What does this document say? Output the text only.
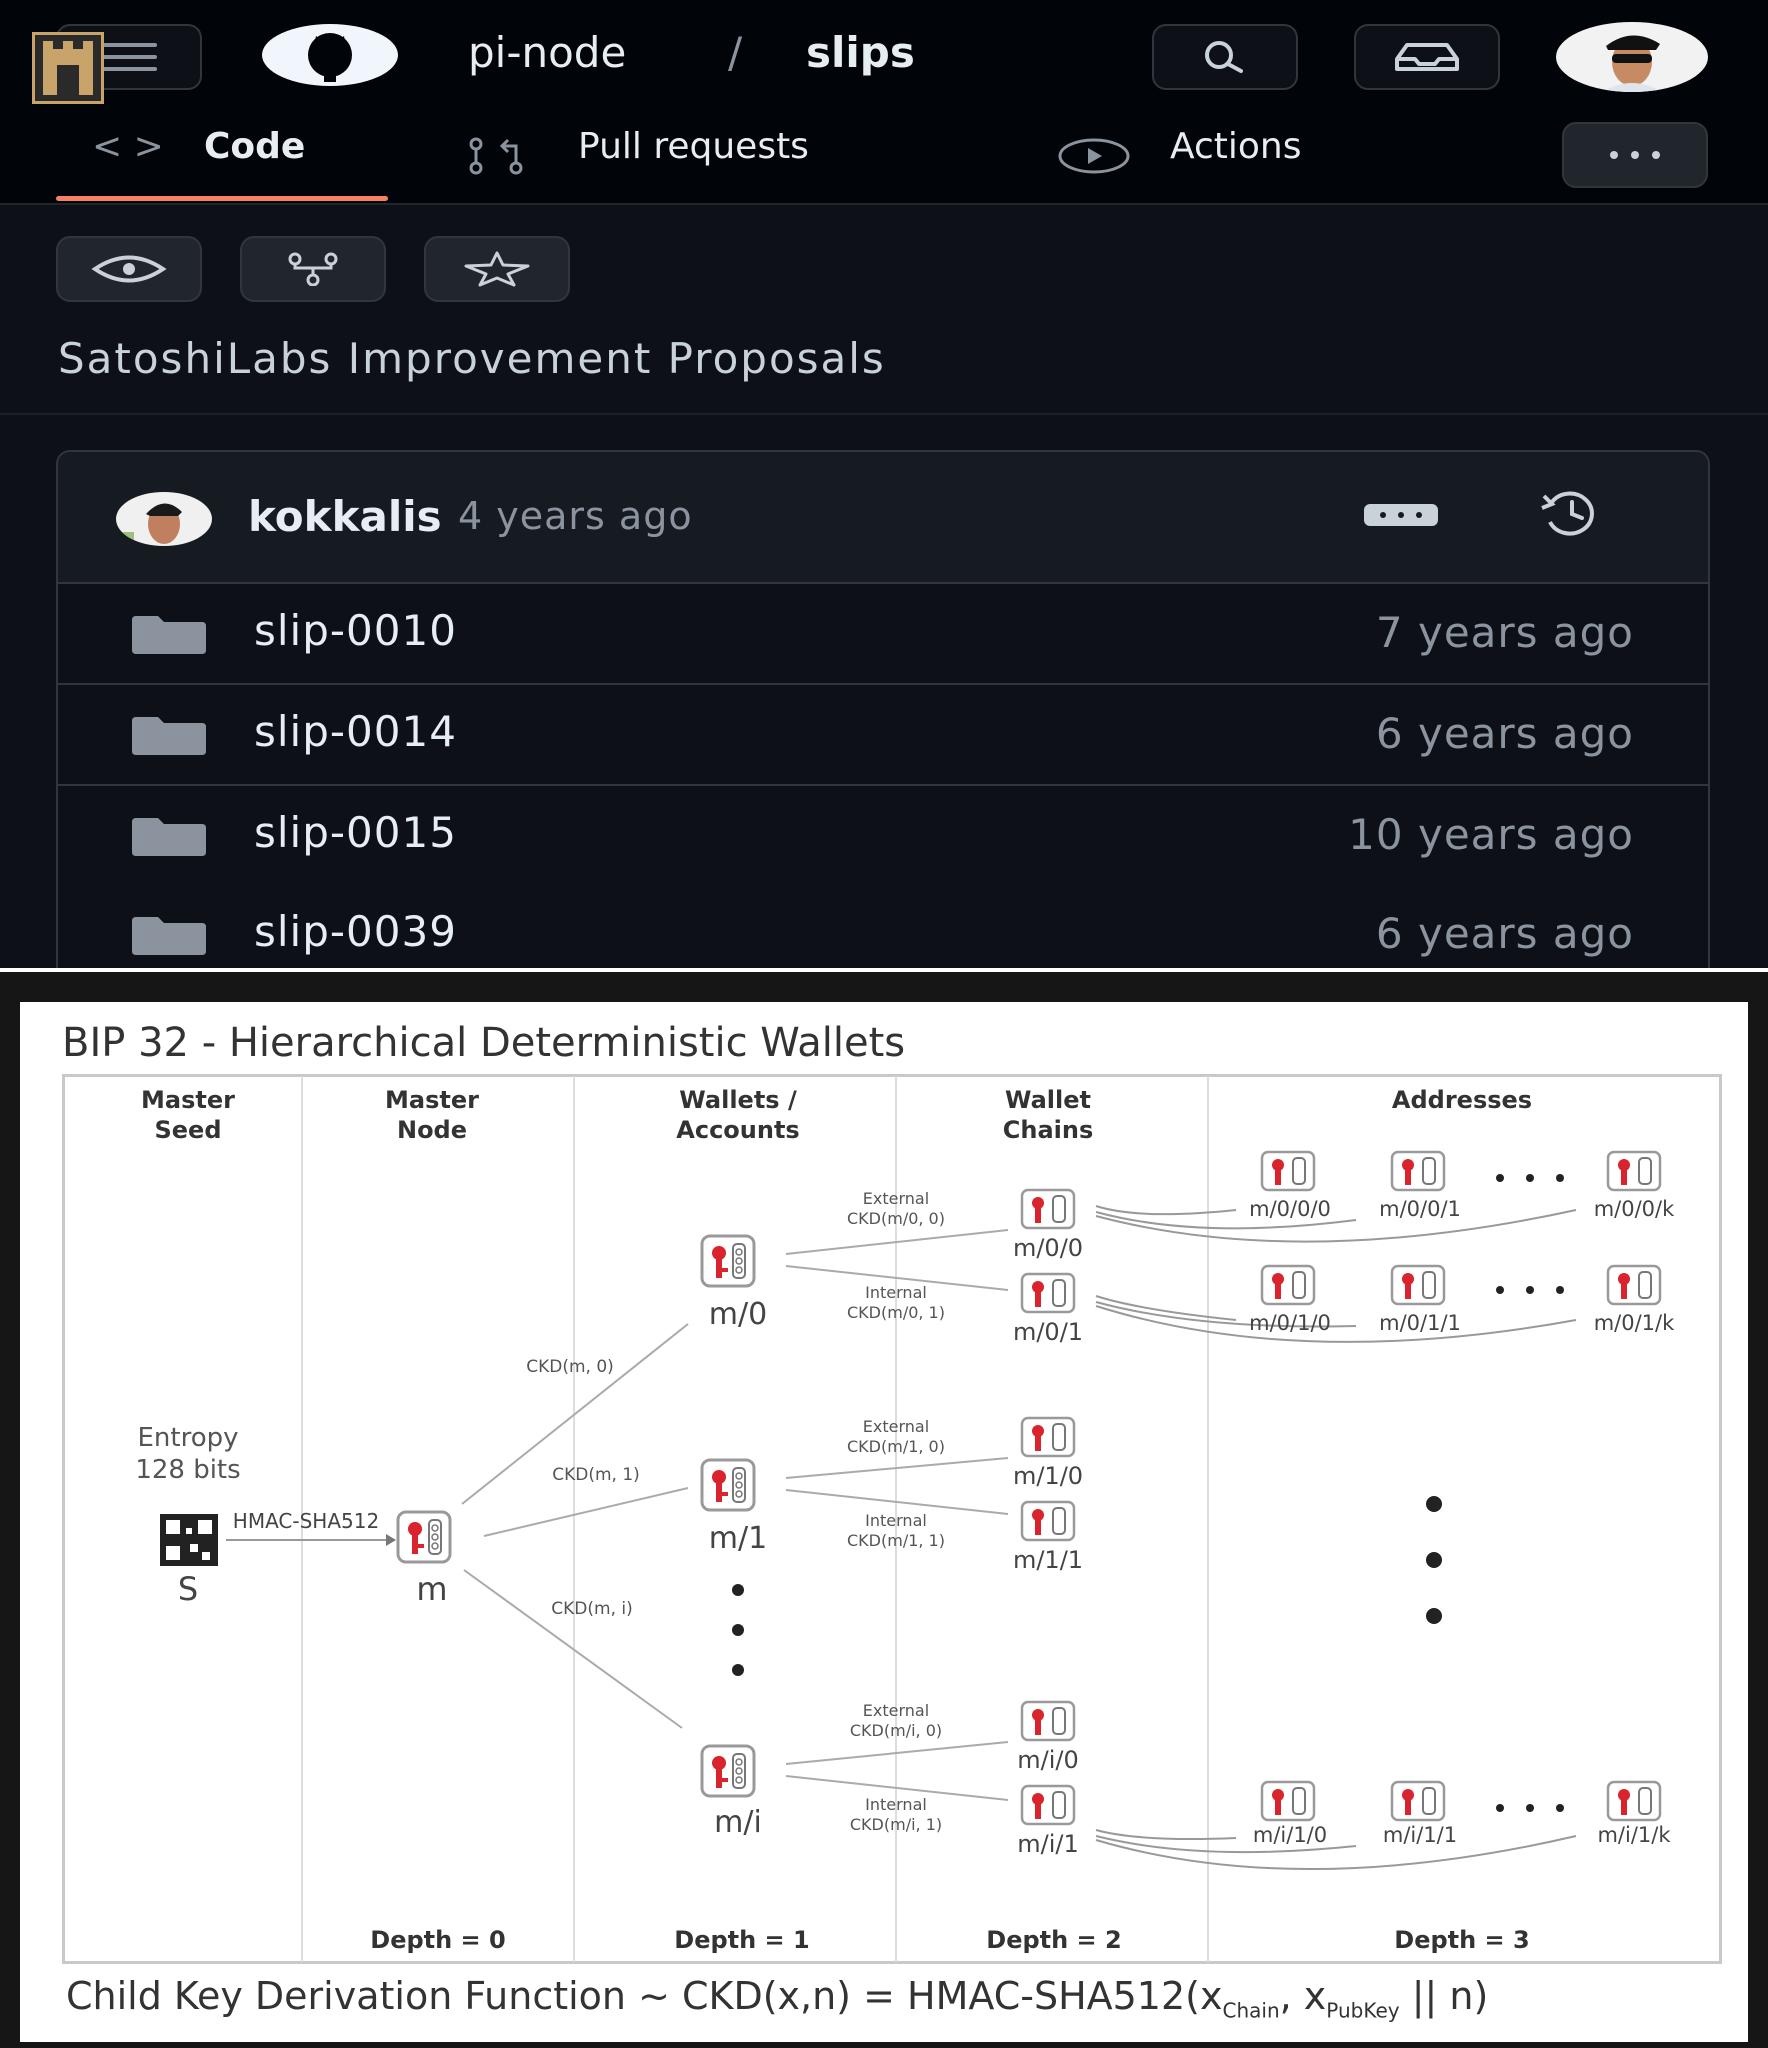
pi-node / slips
< > Code	Pull requests	Actions
SatoshiLabs Improvement Proposals
kokkalis 4 years ago
slip-0010	7 years ago
slip-0014	6 years ago
slip-0015	10 years ago
slip-0039	6 years ago
BIP 32 - Hierarchical Deterministic Wallets
Master Seed
Master Node
Wallets / Accounts
Wallet Chains
Addresses
Entropy 128 bits
S
HMAC-SHA512
m
CKD(m, 0)
CKD(m, 1)
CKD(m, i)
m/0
m/1
m/i
External CKD(m/0, 0)
Internal CKD(m/0, 1)
External CKD(m/1, 0)
Internal CKD(m/1, 1)
External CKD(m/i, 0)
Internal CKD(m/i, 1)
m/0/0
m/0/1
m/1/0
m/1/1
m/i/0
m/i/1
m/0/0/0 m/0/0/1	m/0/0/k
m/0/1/0 m/0/1/1	m/0/1/k
m/i/1/0	m/i/1/1	m/i/1/k
Depth = 0	Depth = 1	Depth = 2	Depth = 3
Child Key Derivation Function ~ CKD(x,n) = HMAC-$SHA512(x_{Chain}$, $x_{PubKey}$ || n)
